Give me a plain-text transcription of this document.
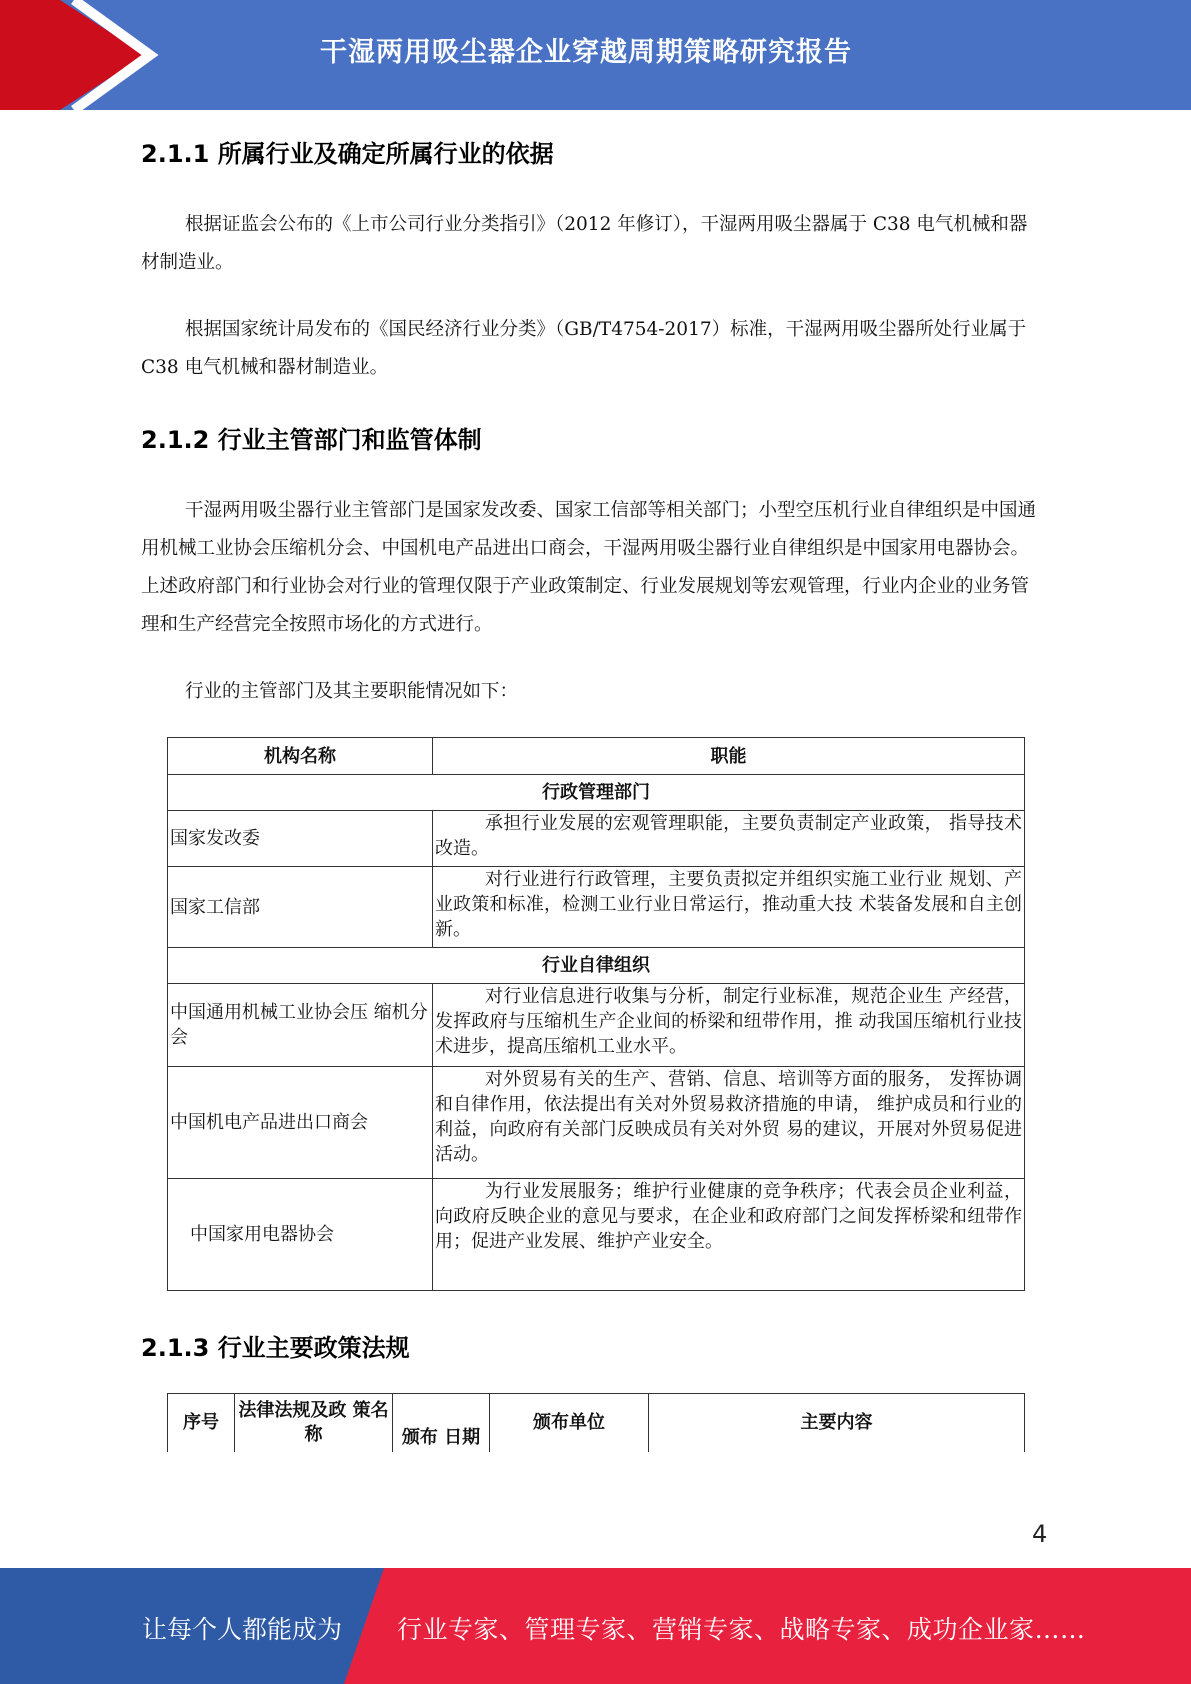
干湿两用吸尘器企业穿越周期策略研究报告
2.1.1 所属行业及确定所属行业的依据

根据证监会公布的《上市公司行业分类指引》（2012 年修订），干湿两用吸尘器属于 C38 电气机械和器材制造业。

根据国家统计局发布的《国民经济行业分类》（GB/T4754-2017）标准，干湿两用吸尘器所处行业属于 C38 电气机械和器材制造业。

2.1.2 行业主管部门和监管体制

干湿两用吸尘器行业主管部门是国家发改委、国家工信部等相关部门；小型空压机行业自律组织是中国通用机械工业协会压缩机分会、中国机电产品进出口商会，干湿两用吸尘器行业自律组织是中国家用电器协会。上述政府部门和行业协会对行业的管理仅限于产业政策制定、行业发展规划等宏观管理，行业内企业的业务管理和生产经营完全按照市场化的方式进行。

行业的主管部门及其主要职能情况如下：

机构名称	职能
行政管理部门	
国家发改委	承担行业发展的宏观管理职能，主要负责制定产业政策， 指导技术改造。
国家工信部	对行业进行行政管理，主要负责拟定并组织实施工业行业 规划、产业政策和标准，检测工业行业日常运行，推动重大技 术装备发展和自主创新。
行业自律组织	
中国通用机械工业协会压 缩机分会	对行业信息进行收集与分析，制定行业标准，规范企业生 产经营，发挥政府与压缩机生产企业间的桥梁和纽带作用，推 动我国压缩机行业技术进步，提高压缩机工业水平。
中国机电产品进出口商会	对外贸易有关的生产、营销、信息、培训等方面的服务， 发挥协调和自律作用，依法提出有关对外贸易救济措施的申请， 维护成员和行业的利益，向政府有关部门反映成员有关对外贸 易的建议，开展对外贸易促进活动。
中国家用电器协会	为行业发展服务；维护行业健康的竞争秩序；代表会员企业利益，向政府反映企业的意见与要求，在企业和政府部门之间发挥桥梁和纽带作用；促进产业发展、维护产业安全。
2.1.3 行业主要政策法规
序号	法律法规及政 策名称	颁布 日期	颁布单位	主要内容
4
让每个人都能成为 行业专家、管理专家、营销专家、战略专家、成功企业家……
